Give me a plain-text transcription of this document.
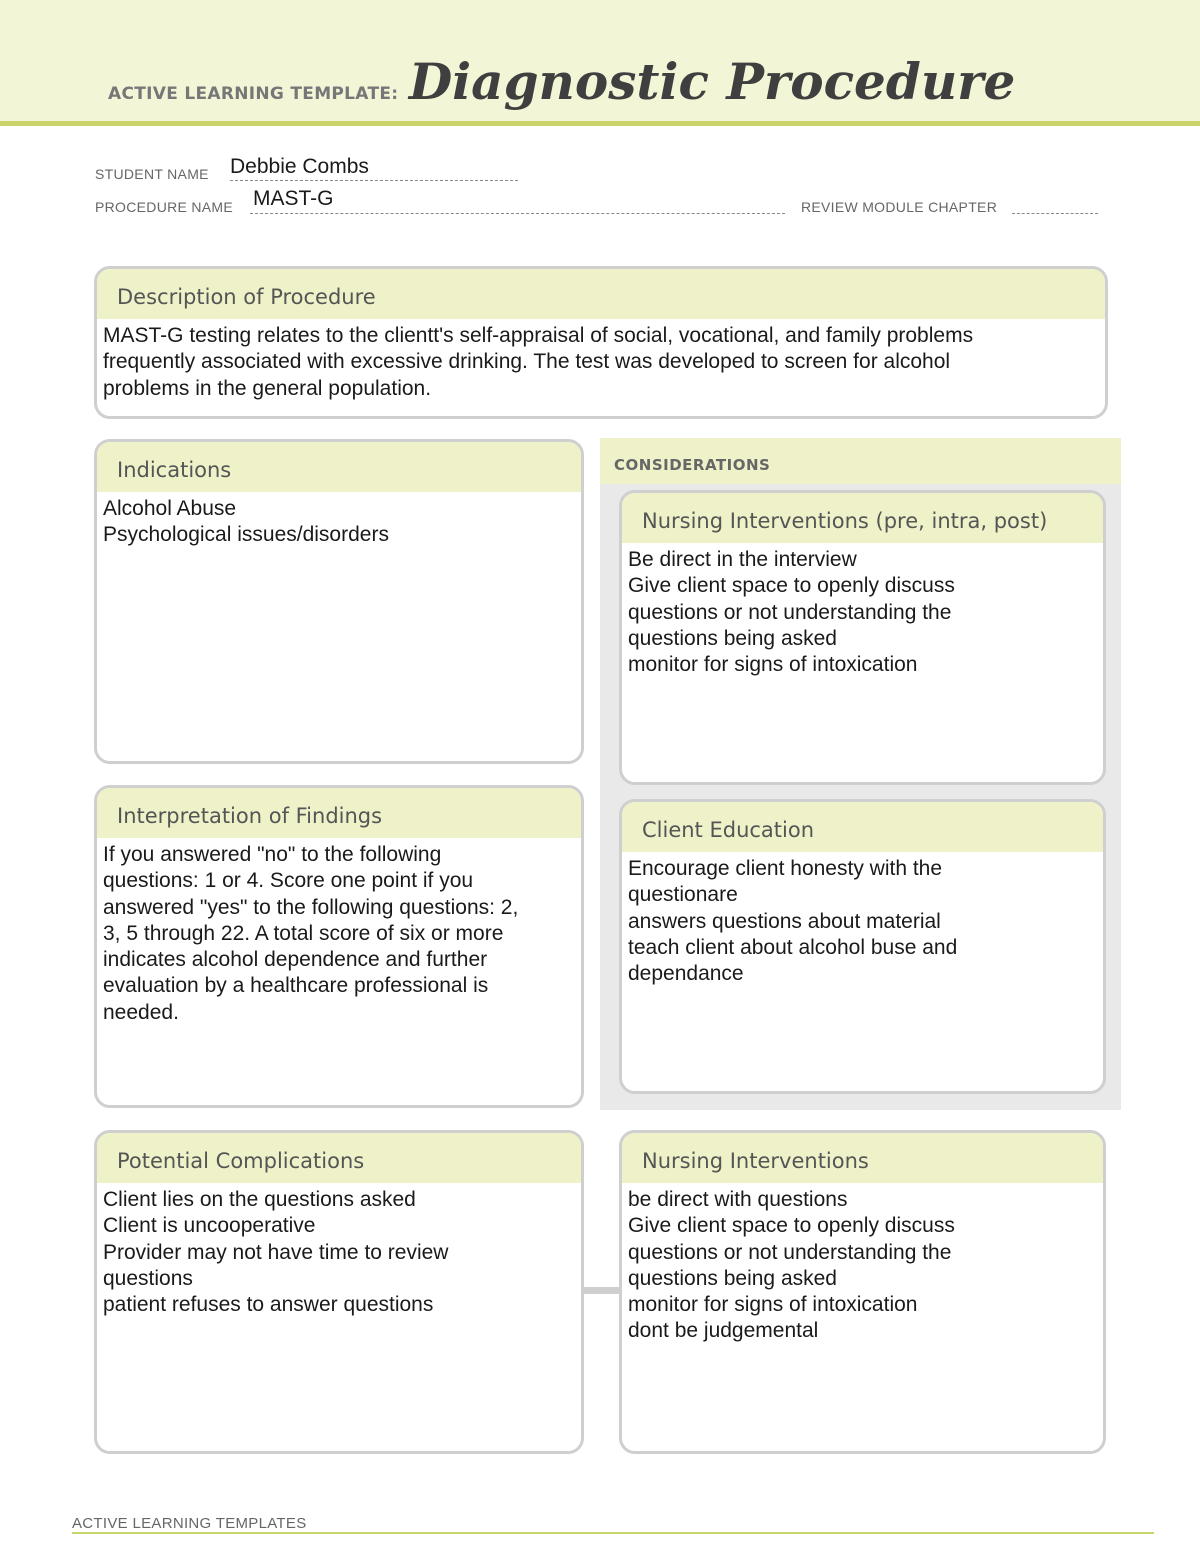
ACTIVE LEARNING TEMPLATE: Diagnostic Procedure
STUDENT NAME Debbie Combs
PROCEDURE NAME MAST-G	REVIEW MODULE CHAPTER
Description of Procedure
MAST-G testing relates to the clientt's self-appraisal of social, vocational, and family problems
frequently associated with excessive drinking. The test was developed to screen for alcohol
problems in the general population.
Indications
Alcohol Abuse
Psychological issues/disorders
CONSIDERATIONS
Nursing Interventions (pre, intra, post)
Be direct in the interview
Give client space to openly discuss
questions or not understanding the
questions being asked
monitor for signs of intoxication
Interpretation of Findings
If you answered "no" to the following
questions: 1 or 4. Score one point if you
answered "yes" to the following questions: 2,
3, 5 through 22. A total score of six or more
indicates alcohol dependence and further
evaluation by a healthcare professional is
needed.
Client Education
Encourage client honesty with the
questionare
answers questions about material
teach client about alcohol buse and
dependance
Potential Complications
Client lies on the questions asked
Client is uncooperative
Provider may not have time to review
questions
patient refuses to answer questions
Nursing Interventions
be direct with questions
Give client space to openly discuss
questions or not understanding the
questions being asked
monitor for signs of intoxication
dont be judgemental
ACTIVE LEARNING TEMPLATES
